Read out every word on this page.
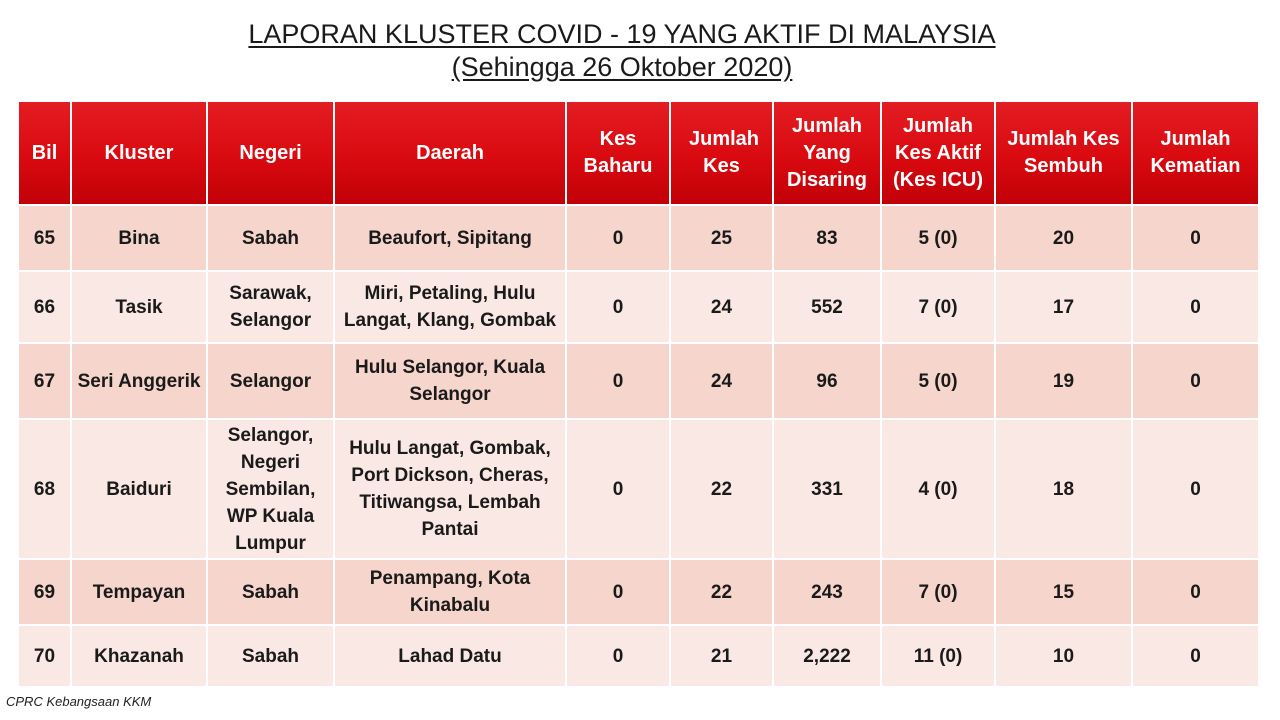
LAPORAN KLUSTER COVID - 19 YANG AKTIF DI MALAYSIA
(Sehingga 26 Oktober 2020)
Bil	Kluster	Negeri	Daerah	Kes Baharu	Jumlah Kes	Jumlah Yang Disaring	Jumlah Kes Aktif (Kes ICU)	Jumlah Kes Sembuh	Jumlah Kematian
65	Bina	Sabah	Beaufort, Sipitang	0	25	83	5 (0)	20	0
66	Tasik	Sarawak, Selangor	Miri, Petaling, Hulu Langat, Klang, Gombak	0	24	552	7 (0)	17	0
67	Seri Anggerik	Selangor	Hulu Selangor, Kuala Selangor	0	24	96	5 (0)	19	0
68	Baiduri	Selangor, Negeri Sembilan, WP Kuala Lumpur	Hulu Langat, Gombak, Port Dickson, Cheras, Titiwangsa, Lembah Pantai	0	22	331	4 (0)	18	0
69	Tempayan	Sabah	Penampang, Kota Kinabalu	0	22	243	7 (0)	15	0
70	Khazanah	Sabah	Lahad Datu	0	21	2,222	11 (0)	10	0
CPRC Kebangsaan KKM
